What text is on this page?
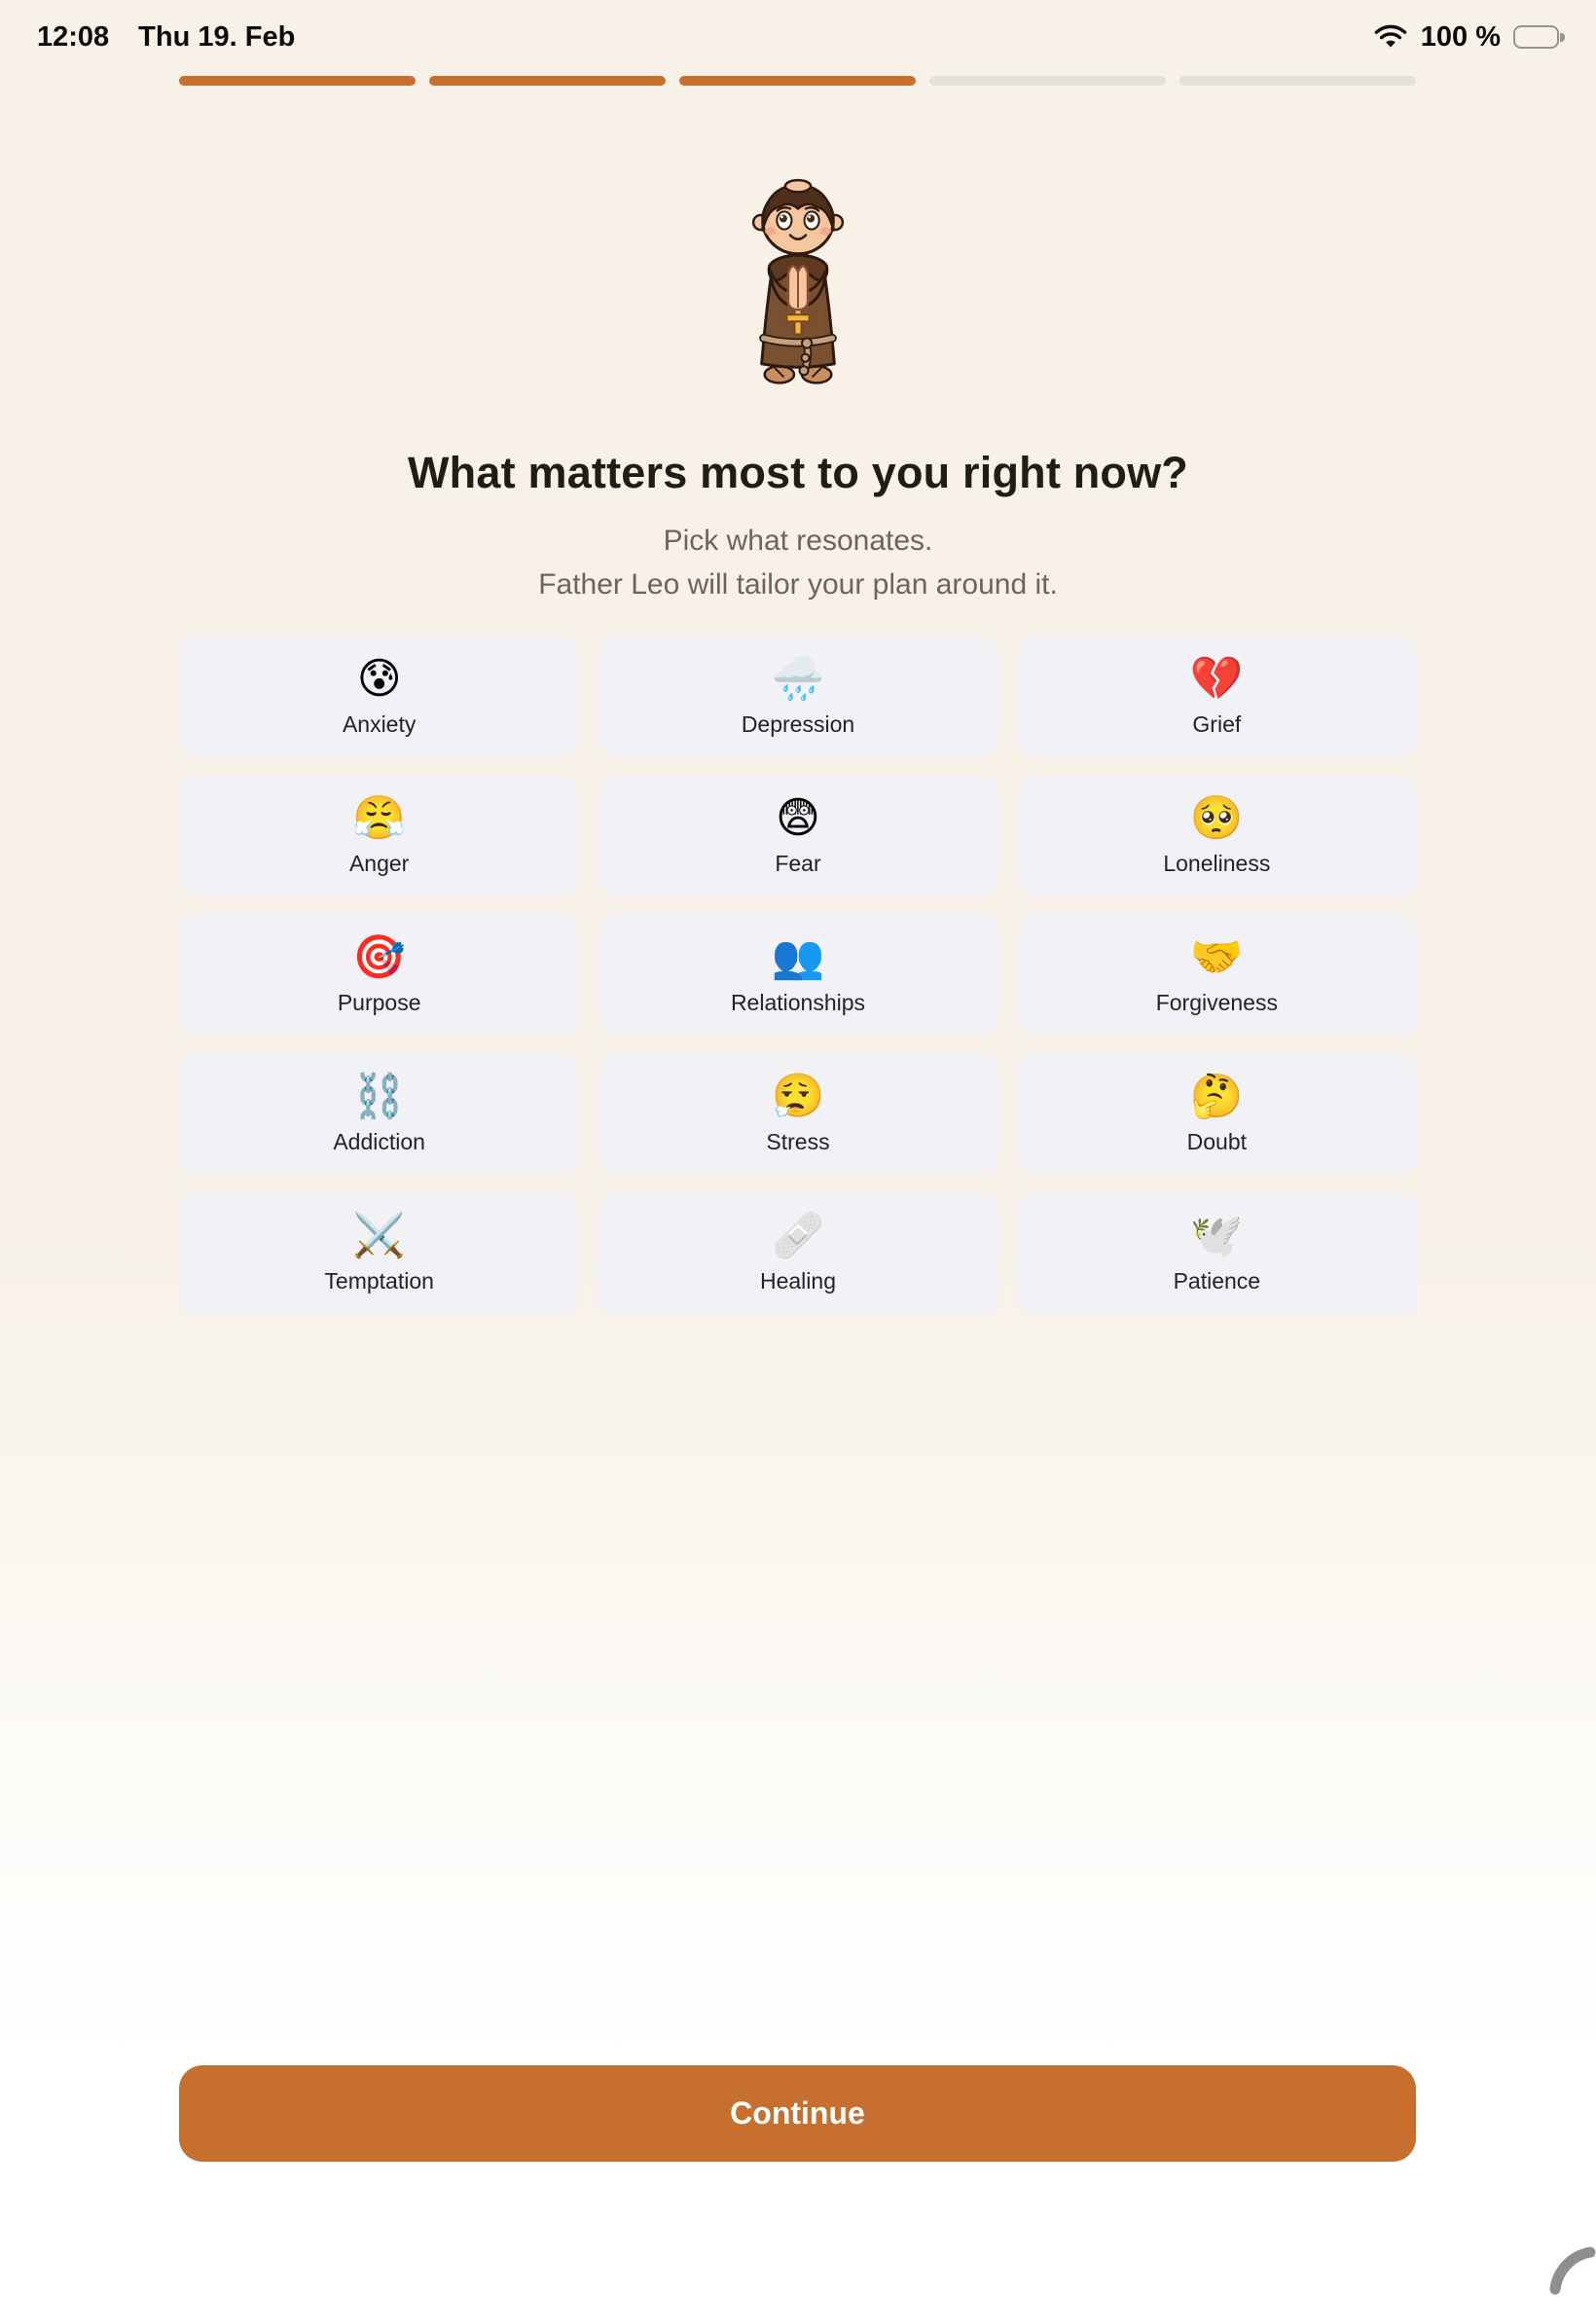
12:08 Thu 19. Feb	100 %
What matters most to you right now?
Pick what resonates.
Father Leo will tailor your plan around it.
😰
Anxiety
🌧️
Depression
💔
Grief
😤
Anger
😨
Fear
🥺
Loneliness
🎯
Purpose
👥
Relationships
🤝
Forgiveness
⛓️
Addiction
😮‍💨
Stress
🤔
Doubt
⚔️
Temptation
🩹
Healing
🕊️
Patience
Continue
